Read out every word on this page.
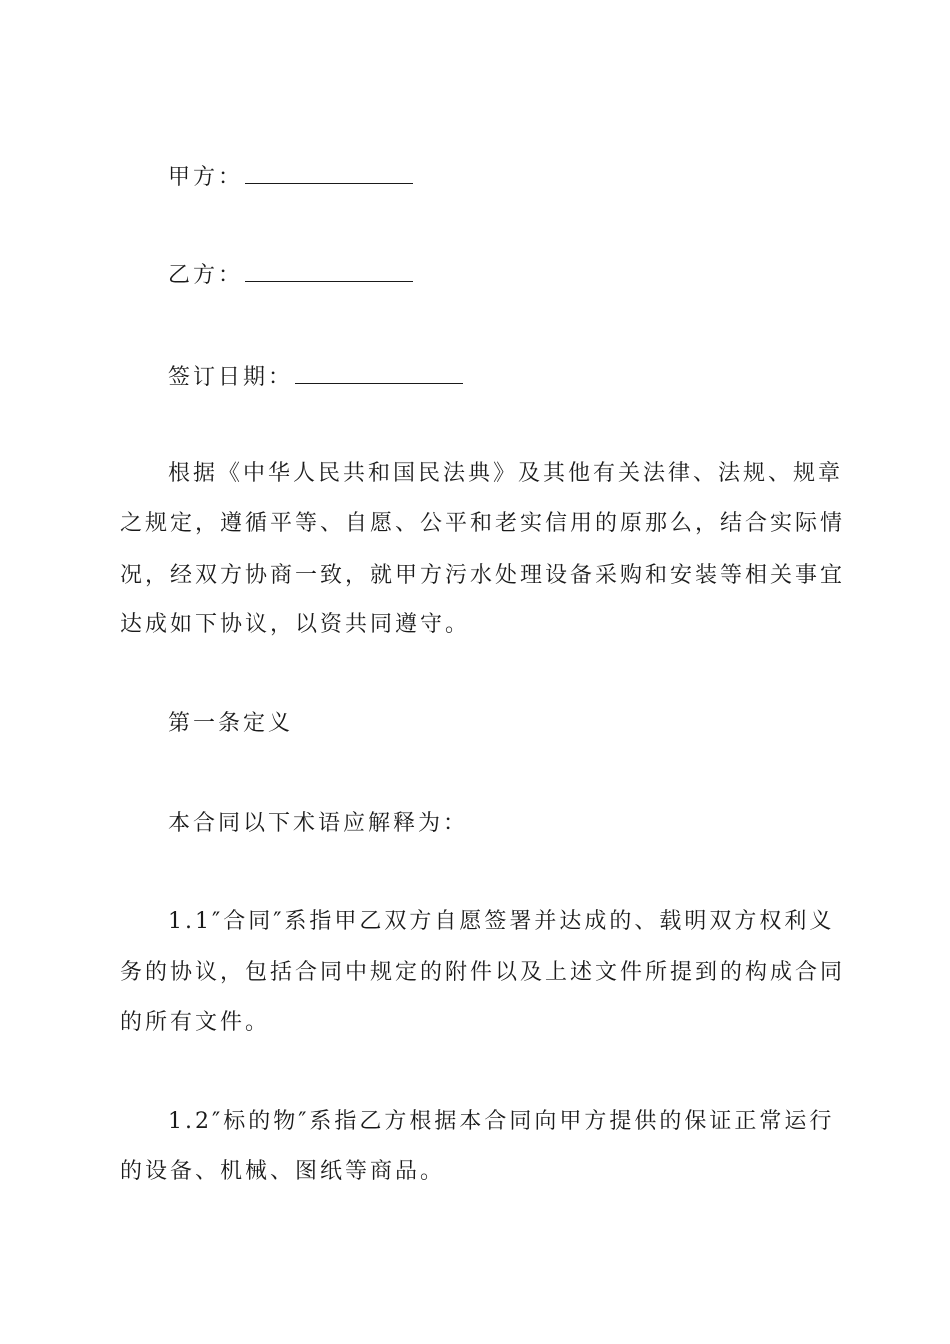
甲方：
乙方：
签订日期：
根据《中华人民共和国民法典》及其他有关法律、法规、规章
之规定，遵循平等、自愿、公平和老实信用的原那么，结合实际情
况，经双方协商一致，就甲方污水处理设备采购和安装等相关事宜
达成如下协议，以资共同遵守。
第一条定义
本合同以下术语应解释为：
1.1″合同″系指甲乙双方自愿签署并达成的、载明双方权利义
务的协议，包括合同中规定的附件以及上述文件所提到的构成合同
的所有文件。
1.2″标的物″系指乙方根据本合同向甲方提供的保证正常运行
的设备、机械、图纸等商品。
